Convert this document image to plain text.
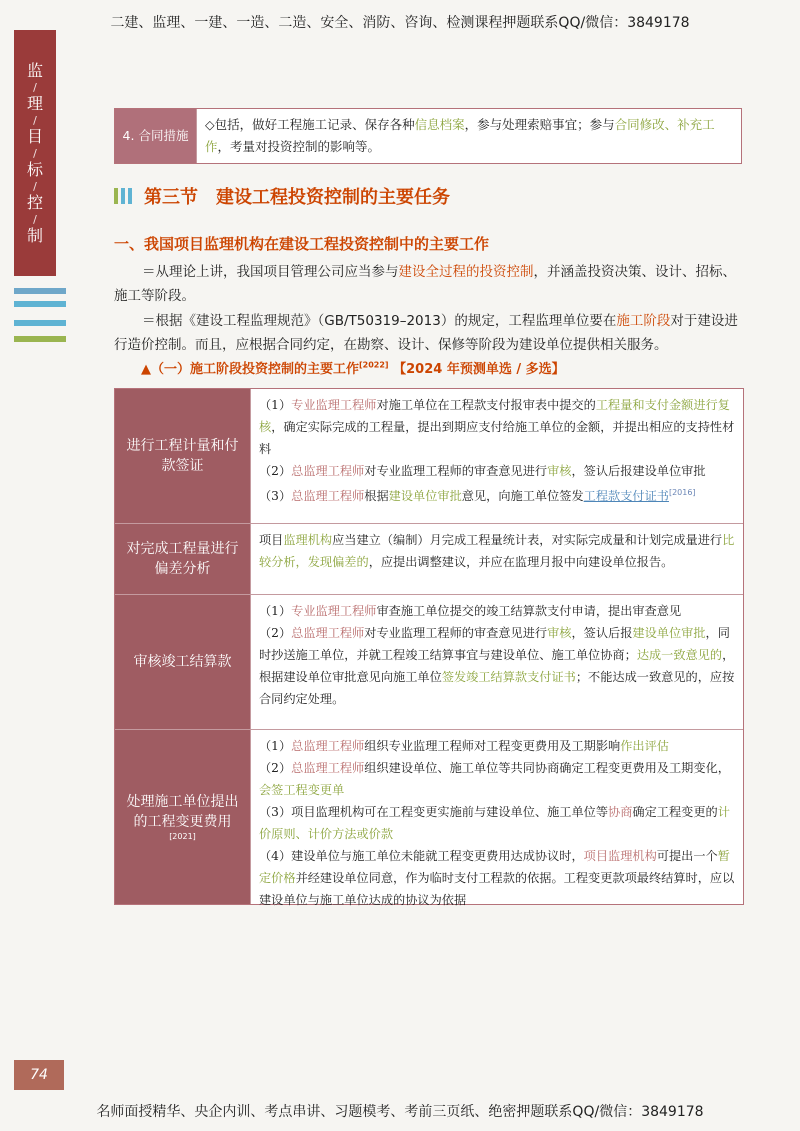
二建、监理、一建、一造、二造、安全、消防、咨询、检测课程押题联系QQ/微信：3849178
监
/
理
/
目
/
标
/
控
/
制
4. 合同措施
◇包括，做好工程施工记录、保存各种信息档案，参与处理索赔事宜；参与合同修改、补充工作，考量对投资控制的影响等。
第三节　建设工程投资控制的主要任务
一、我国项目监理机构在建设工程投资控制中的主要工作
＝从理论上讲，我国项目管理公司应当参与建设全过程的投资控制，并涵盖投资决策、设计、招标、施工等阶段。
＝根据《建设工程监理规范》（GB/T50319–2013）的规定，工程监理单位要在施工阶段对于建设进行造价控制。而且，应根据合同约定，在勘察、设计、保修等阶段为建设单位提供相关服务。
▲（一）施工阶段投资控制的主要工作[2022] 【2024 年预测单选 / 多选】
进行工程计量和付款签证

（1）专业监理工程师对施工单位在工程款支付报审表中提交的工程量和支付金额进行复核，确定实际完成的工程量，提出到期应支付给施工单位的金额，并提出相应的支持性材料

（2）总监理工程师对专业监理工程师的审查意见进行审核，签认后报建设单位审批

（3）总监理工程师根据建设单位审批意见，向施工单位签发工程款支付证书[2016]

对完成工程量进行偏差分析

项目监理机构应当建立（编制）月完成工程量统计表，对实际完成量和计划完成量进行比较分析，发现偏差的，应提出调整建议，并应在监理月报中向建设单位报告。

审核竣工结算款

（1）专业监理工程师审查施工单位提交的竣工结算款支付申请，提出审查意见

（2）总监理工程师对专业监理工程师的审查意见进行审核，签认后报建设单位审批，同时抄送施工单位，并就工程竣工结算事宜与建设单位、施工单位协商；达成一致意见的，根据建设单位审批意见向施工单位签发竣工结算款支付证书；不能达成一致意见的，应按合同约定处理。

处理施工单位提出的工程变更费用
[2021]

（1）总监理工程师组织专业监理工程师对工程变更费用及工期影响作出评估

（2）总监理工程师组织建设单位、施工单位等共同协商确定工程变更费用及工期变化，会签工程变更单

（3）项目监理机构可在工程变更实施前与建设单位、施工单位等协商确定工程变更的计价原则、计价方法或价款

（4）建设单位与施工单位未能就工程变更费用达成协议时，项目监理机构可提出一个暂定价格并经建设单位同意，作为临时支付工程款的依据。工程变更款项最终结算时，应以建设单位与施工单位达成的协议为依据

74
名师面授精华、央企内训、考点串讲、习题模考、考前三页纸、绝密押题联系QQ/微信：3849178
